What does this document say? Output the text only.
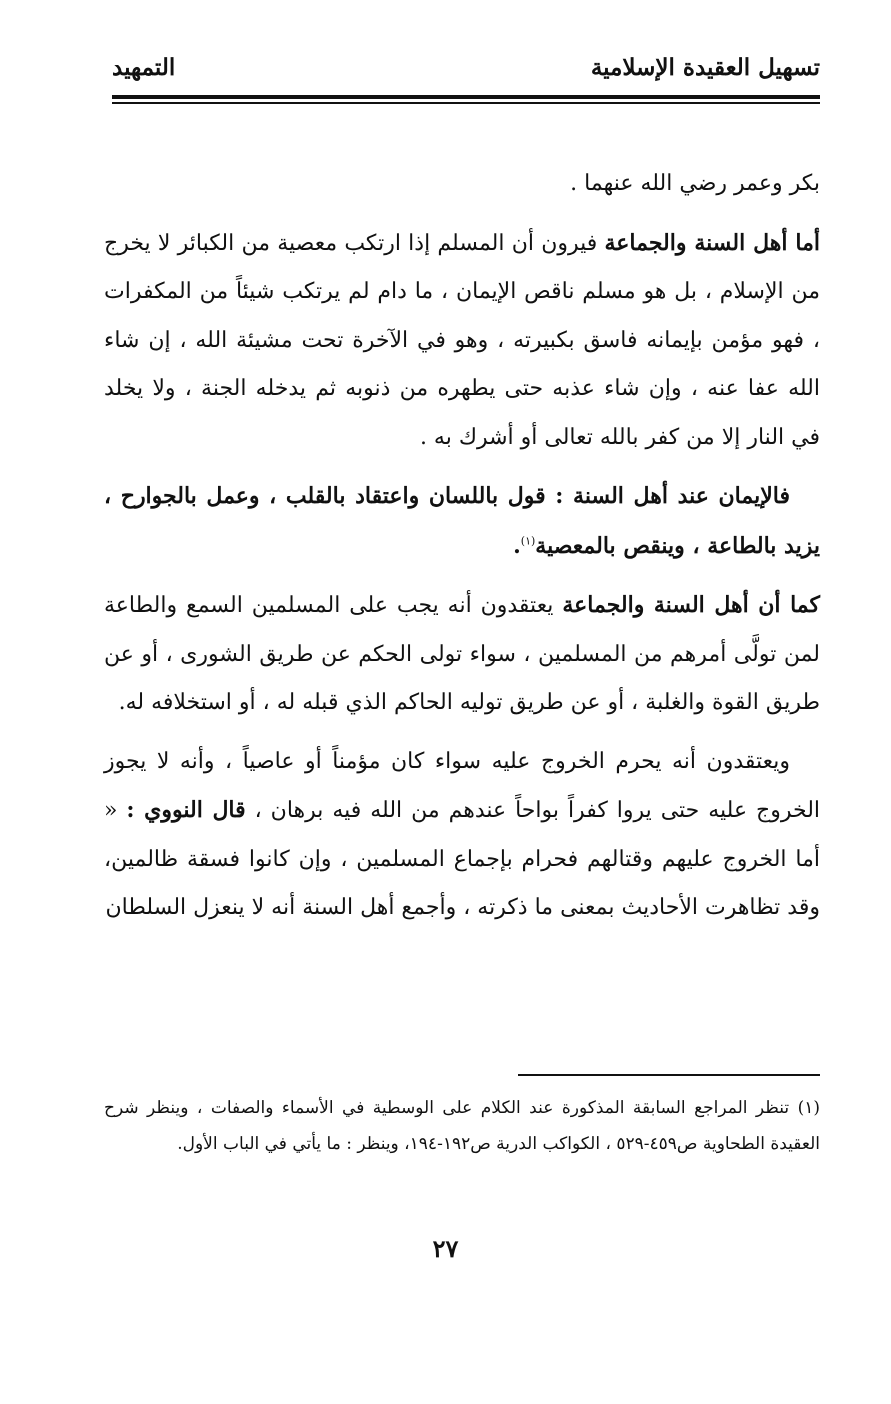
تسهيل العقيدة الإسلامية
التمهيد

بكر وعمر رضي الله عنهما .

أما أهل السنة والجماعة فيرون أن المسلم إذا ارتكب معصية من الكبائر لا يخرج من الإسلام ، بل هو مسلم ناقص الإيمان ، ما دام لم يرتكب شيئاً من المكفرات ، فهو مؤمن بإيمانه فاسق بكبيرته ، وهو في الآخرة تحت مشيئة الله ، إن شاء الله عفا عنه ، وإن شاء عذبه حتى يطهره من ذنوبه ثم يدخله الجنة ، ولا يخلد في النار إلا من كفر بالله تعالى أو أشرك به .

فالإيمان عند أهل السنة : قول باللسان واعتقاد بالقلب ، وعمل بالجوارح ، يزيد بالطاعة ، وينقص بالمعصية$^{(١)}$.

كما أن أهل السنة والجماعة يعتقدون أنه يجب على المسلمين السمع والطاعة لمن تولَّى أمرهم من المسلمين ، سواء تولى الحكم عن طريق الشورى ، أو عن طريق القوة والغلبة ، أو عن طريق توليه الحاكم الذي قبله له ، أو استخلافه له.

ويعتقدون أنه يحرم الخروج عليه سواء كان مؤمناً أو عاصياً ، وأنه لا يجوز الخروج عليه حتى يروا كفراً بواحاً عندهم من الله فيه برهان ، قال النووي : « أما الخروج عليهم وقتالهم فحرام بإجماع المسلمين ، وإن كانوا فسقة ظالمين، وقد تظاهرت الأحاديث بمعنى ما ذكرته ، وأجمع أهل السنة أنه لا ينعزل السلطان

(١) تنظر المراجع السابقة المذكورة عند الكلام على الوسطية في الأسماء والصفات ، وينظر شرح العقيدة الطحاوية ص٤٥٩-٥٢٩ ، الكواكب الدرية ص١٩٢-١٩٤، وينظر : ما يأتي في الباب الأول.

٢٧
